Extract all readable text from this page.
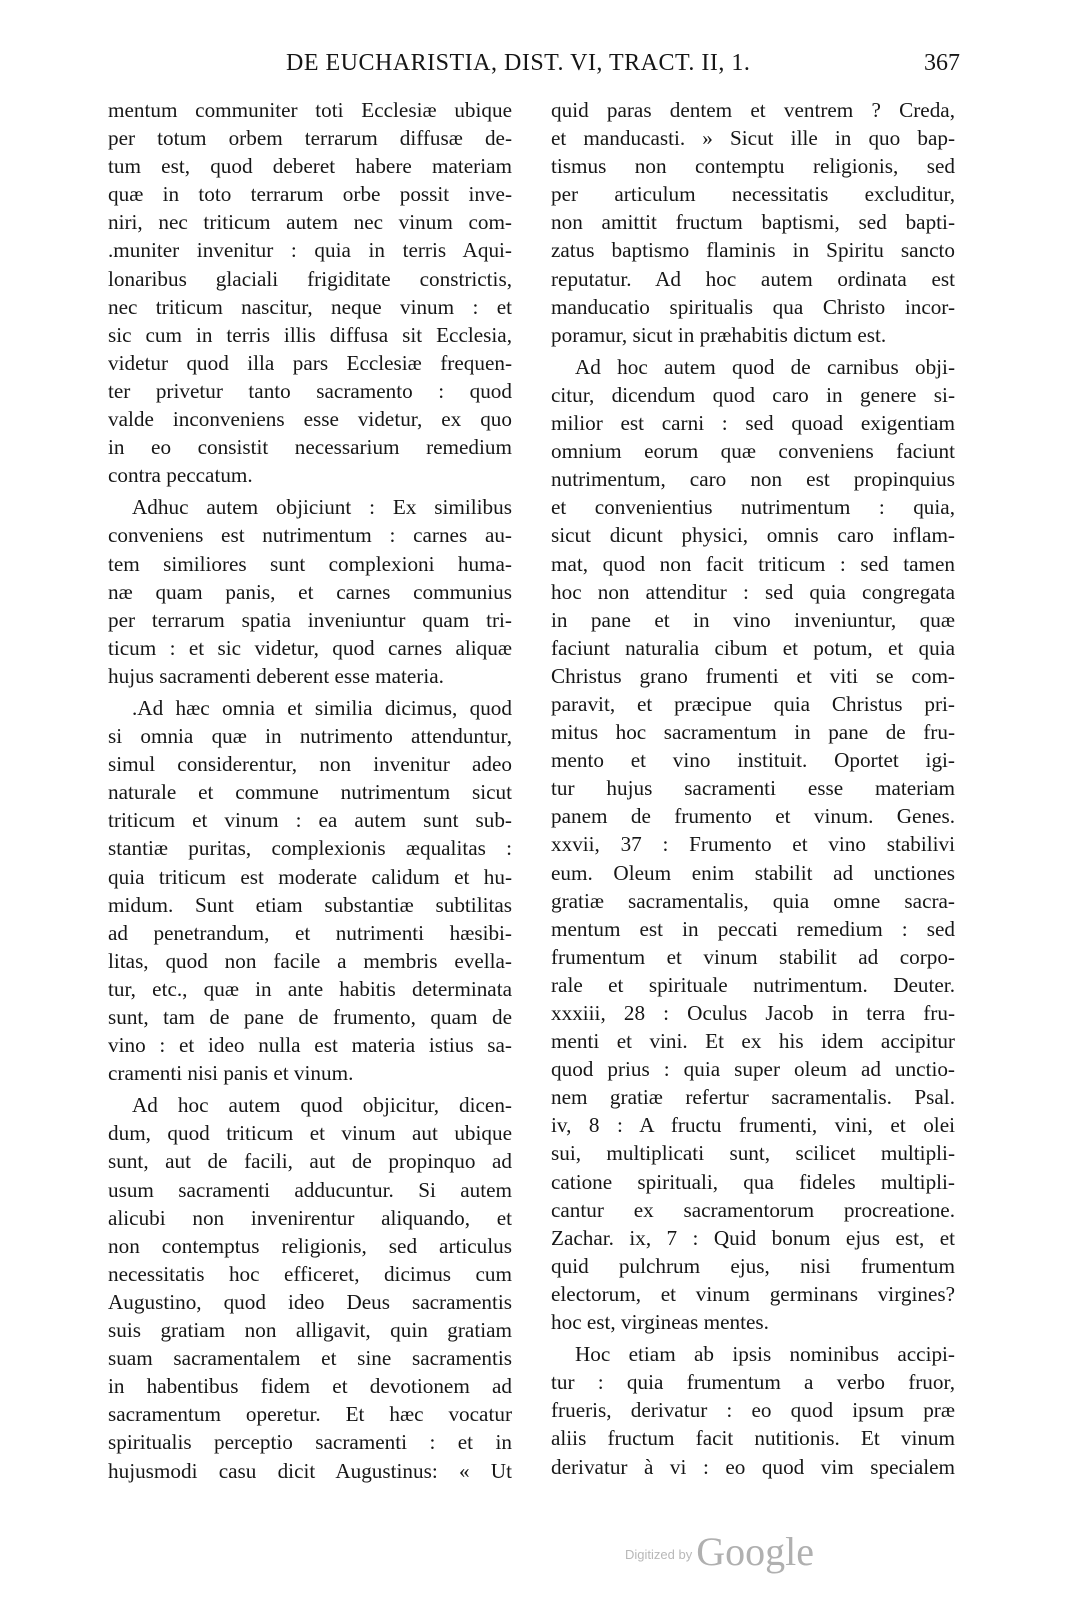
DE EUCHARISTIA, DIST. VI, TRACT. II, 1.	367
mentum communiter toti Ecclesiæ ubique
per totum orbem terrarum diffusæ de-
tum est, quod deberet habere materiam
quæ in toto terrarum orbe possit inve-
niri, nec triticum autem nec vinum com-
.muniter invenitur : quia in terris Aqui-
lonaribus glaciali frigiditate constrictis,
nec triticum nascitur, neque vinum : et
sic cum in terris illis diffusa sit Ecclesia,
videtur quod illa pars Ecclesiæ frequen-
ter privetur tanto sacramento : quod
valde inconveniens esse videtur, ex quo
in eo consistit necessarium remedium
contra peccatum.
Adhuc autem objiciunt : Ex similibus
conveniens est nutrimentum : carnes au-
tem similiores sunt complexioni huma-
næ quam panis, et carnes communius
per terrarum spatia inveniuntur quam tri-
ticum : et sic videtur, quod carnes aliquæ
hujus sacramenti deberent esse materia.
.Ad hæc omnia et similia dicimus, quod
si omnia quæ in nutrimento attenduntur,
simul considerentur, non invenitur adeo
naturale et commune nutrimentum sicut
triticum et vinum : ea autem sunt sub-
stantiæ puritas, complexionis æqualitas :
quia triticum est moderate calidum et hu-
midum. Sunt etiam substantiæ subtilitas
ad penetrandum, et nutrimenti hæsibi-
litas, quod non facile a membris evella-
tur, etc., quæ in ante habitis determinata
sunt, tam de pane de frumento, quam de
vino : et ideo nulla est materia istius sa-
cramenti nisi panis et vinum.
Ad hoc autem quod objicitur, dicen-
dum, quod triticum et vinum aut ubique
sunt, aut de facili, aut de propinquo ad
usum sacramenti adducuntur. Si autem
alicubi non invenirentur aliquando, et
non contemptus religionis, sed articulus
necessitatis hoc efficeret, dicimus cum
Augustino, quod ideo Deus sacramentis
suis gratiam non alligavit, quin gratiam
suam sacramentalem et sine sacramentis
in habentibus fidem et devotionem ad
sacramentum operetur. Et hæc vocatur
spiritualis perceptio sacramenti : et in
hujusmodi casu dicit Augustinus: « Ut
quid paras dentem et ventrem ? Creda,
et manducasti. » Sicut ille in quo bap-
tismus non contemptu religionis, sed
per articulum necessitatis excluditur,
non amittit fructum baptismi, sed bapti-
zatus baptismo flaminis in Spiritu sancto
reputatur. Ad hoc autem ordinata est
manducatio spiritualis qua Christo incor-
poramur, sicut in præhabitis dictum est.
Ad hoc autem quod de carnibus obji-
citur, dicendum quod caro in genere si-
milior est carni : sed quoad exigentiam
omnium eorum quæ conveniens faciunt
nutrimentum, caro non est propinquius
et convenientius nutrimentum : quia,
sicut dicunt physici, omnis caro inflam-
mat, quod non facit triticum : sed tamen
hoc non attenditur : sed quia congregata
in pane et in vino inveniuntur, quæ
faciunt naturalia cibum et potum, et quia
Christus grano frumenti et viti se com-
paravit, et præcipue quia Christus pri-
mitus hoc sacramentum in pane de fru-
mento et vino instituit. Oportet igi-
tur hujus sacramenti esse materiam
panem de frumento et vinum. Genes.
xxvii, 37 : Frumento et vino stabilivi
eum. Oleum enim stabilit ad unctiones
gratiæ sacramentalis, quia omne sacra-
mentum est in peccati remedium : sed
frumentum et vinum stabilit ad corpo-
rale et spirituale nutrimentum. Deuter.
xxxiii, 28 : Oculus Jacob in terra fru-
menti et vini. Et ex his idem accipitur
quod prius : quia super oleum ad unctio-
nem gratiæ refertur sacramentalis. Psal.
iv, 8 : A fructu frumenti, vini, et olei
sui, multiplicati sunt, scilicet multipli-
catione spirituali, qua fideles multipli-
cantur ex sacramentorum procreatione.
Zachar. ix, 7 : Quid bonum ejus est, et
quid pulchrum ejus, nisi frumentum
electorum, et vinum germinans virgines?
hoc est, virgineas mentes.
Hoc etiam ab ipsis nominibus accipi-
tur : quia frumentum a verbo fruor,
frueris, derivatur : eo quod ipsum præ
aliis fructum facit nutitionis. Et vinum
derivatur à vi : eo quod vim specialem
$^{Digitized by}$ Google
